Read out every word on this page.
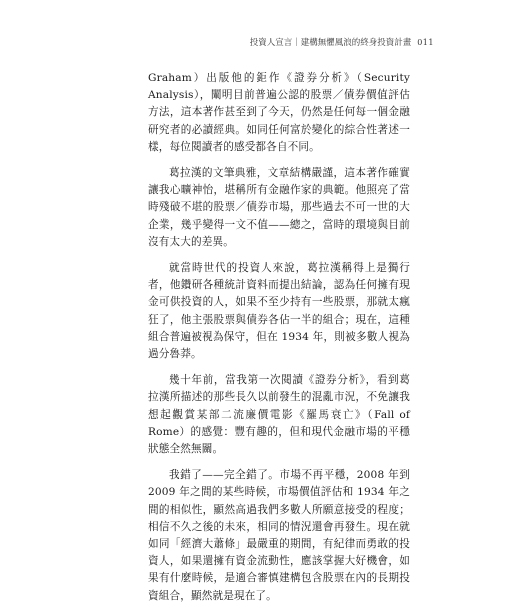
投資人宣言｜建構無懼風浪的終身投資計畫 011

Graham）出版他的鉅作《證券分析》（Security Analysis），闡明目前普遍公認的股票／債券價值評估方法，這本著作甚至到了今天，仍然是任何每一個金融研究者的必讀經典。如同任何富於變化的綜合性著述一樣，每位閱讀者的感受都各自不同。

葛拉漢的文筆典雅，文章結構嚴謹，這本著作確實讓我心曠神怡，堪稱所有金融作家的典範。他照亮了當時殘破不堪的股票／債券市場，那些過去不可一世的大企業，幾乎變得一文不值——總之，當時的環境與目前沒有太大的差異。

就當時世代的投資人來說，葛拉漢稱得上是獨行者，他鑽研各種統計資料而提出結論，認為任何擁有現金可供投資的人，如果不至少持有一些股票，那就太瘋狂了，他主張股票與債券各佔一半的組合；現在，這種組合普遍被視為保守，但在 1934 年，則被多數人視為過分魯莽。

幾十年前，當我第一次閱讀《證券分析》，看到葛拉漢所描述的那些長久以前發生的混亂市況，不免讓我想起觀賞某部二流廉價電影《羅馬衰亡》（Fall of Rome）的感覺：豐有趣的，但和現代金融市場的平穩狀態全然無關。

我錯了——完全錯了。市場不再平穩，2008 年到 2009 年之間的某些時候，市場價值評估和 1934 年之間的相似性，顯然高過我們多數人所願意接受的程度；相信不久之後的未來，相同的情況還會再發生。現在就如同「經濟大蕭條」最嚴重的期間，有紀律而勇敢的投資人，如果還擁有資金流動性，應該掌握大好機會，如果有什麼時候，是適合審慎建構包含股票在內的長期投資組合，顯然就是現在了。
